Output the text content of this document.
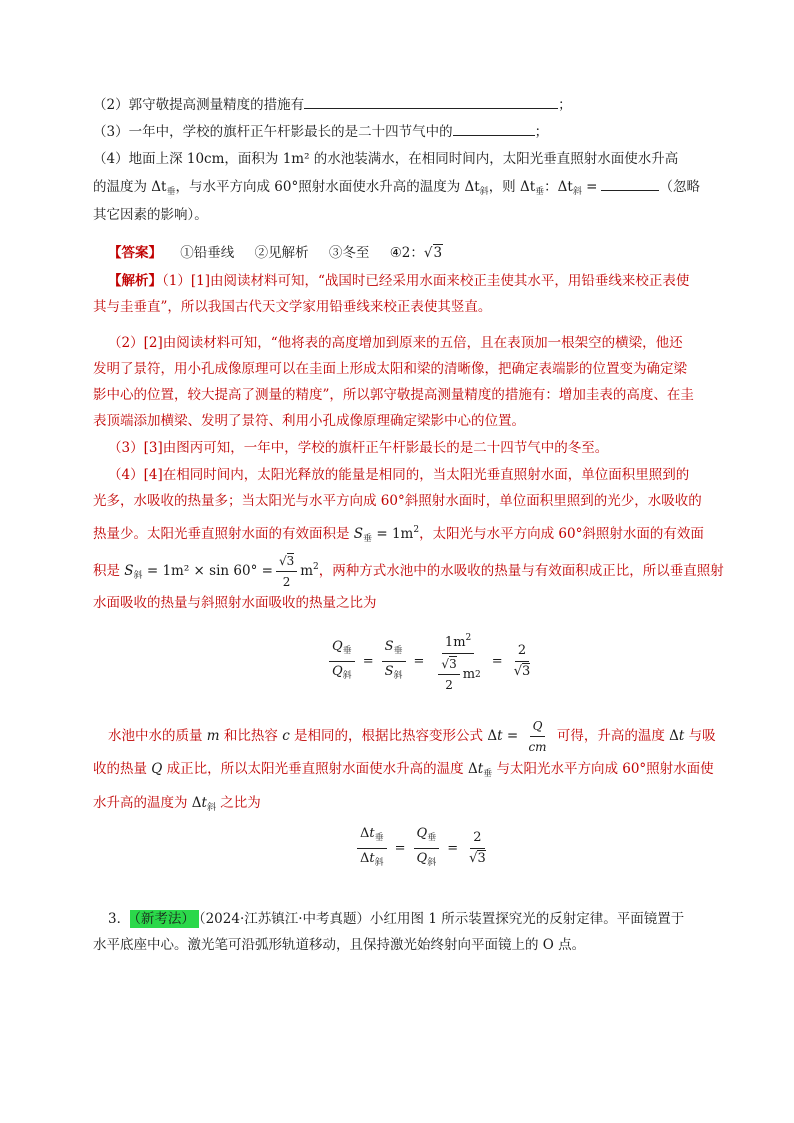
（2）郭守敬提高测量精度的措施有	；
（3）一年中，学校的旗杆正午杆影最长的是二十四节气中的	；
（4）地面上深 10cm，面积为 1m² 的水池装满水，在相同时间内，太阳光垂直照射水面使水升高
的温度为 $\Delta t_垂$，与水平方向成 60°照射水面使水升高的温度为 $\Delta t_斜$，则 $\Delta t_垂$：$\Delta t_斜$ =	（忽略
其它因素的影响）。
【答案】 ①铅垂线 ②见解析 ③冬至 ④2：√3
【解析】（1）[1]由阅读材料可知，“战国时已经采用水面来校正圭使其水平，用铅垂线来校正表使
其与圭垂直”，所以我国古代天文学家用铅垂线来校正表使其竖直。
（2）[2]由阅读材料可知，“他将表的高度增加到原来的五倍，且在表顶加一根架空的横梁，他还
发明了景符，用小孔成像原理可以在圭面上形成太阳和梁的清晰像，把确定表端影的位置变为确定梁
影中心的位置，较大提高了测量的精度”，所以郭守敬提高测量精度的措施有：增加圭表的高度、在圭
表顶端添加横梁、发明了景符、利用小孔成像原理确定梁影中心的位置。
（3）[3]由图丙可知，一年中，学校的旗杆正午杆影最长的是二十四节气中的冬至。
（4）[4]在相同时间内，太阳光释放的能量是相同的，当太阳光垂直照射水面，单位面积里照到的
光多，水吸收的热量多；当太阳光与水平方向成 60°斜照射水面时，单位面积里照到的光少，水吸收的
热量少。太阳光垂直照射水面的有效面积是 $S_垂 = 1m^2$，太阳光与水平方向成 60°斜照射水面的有效面
积是 $S_斜 = 1m^2 \times \sin 60^\circ = \frac{√3}{2} m^2$，两种方式水池中的水吸收的热量与有效面积成正比，所以垂直照射
水面吸收的热量与斜照射水面吸收的热量之比为
$\frac{Q_垂}{Q_斜} = \frac{S_垂}{S_斜} = \frac{1m^2}{\frac{√3}{2} m 2} = \frac{2}{√3}$
水池中水的质量 m 和比热容 c 是相同的，根据比热容变形公式 $\Delta t = \frac{Q}{cm}$ 可得，升高的温度 Δt 与吸
收的热量 Q 成正比，所以太阳光垂直照射水面使水升高的温度 $\Delta t_垂$ 与太阳光水平方向成 60°照射水面使
水升高的温度为 $\Delta t_斜$ 之比为
$\frac{\Delta t_垂}{\Delta t_斜} = \frac{Q_垂}{Q_斜} = \frac{2}{√3}$
3． （新考法） （2024·江苏镇江·中考真题）小红用图 1 所示装置探究光的反射定律。平面镜置于
水平底座中心。激光笔可沿弧形轨道移动，且保持激光始终射向平面镜上的 O 点。
